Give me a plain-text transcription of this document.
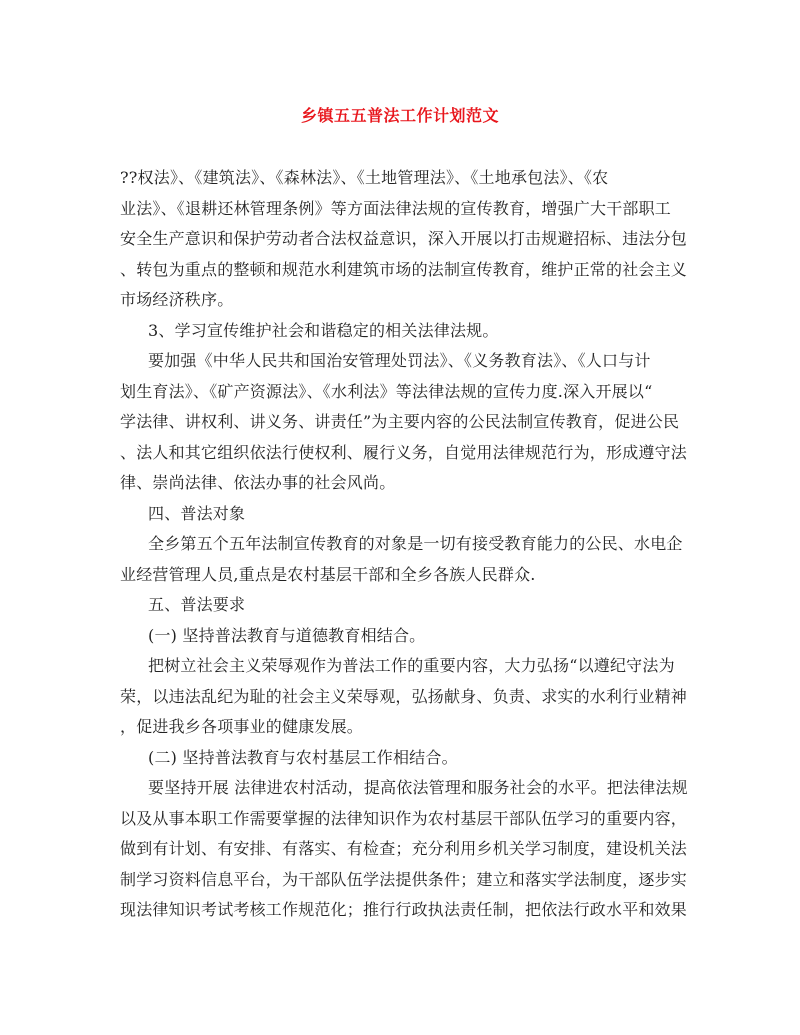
乡镇五五普法工作计划范文
??权法》、《建筑法》、《森林法》、《土地管理法》、《土地承包法》、《农
业法》、《退耕还林管理条例》等方面法律法规的宣传教育，增强广大干部职工
安全生产意识和保护劳动者合法权益意识，深入开展以打击规避招标、违法分包
、转包为重点的整顿和规范水利建筑市场的法制宣传教育，维护正常的社会主义
市场经济秩序。
3、学习宣传维护社会和谐稳定的相关法律法规。
要加强《中华人民共和国治安管理处罚法》、《义务教育法》、《人口与计
划生育法》、《矿产资源法》、《水利法》等法律法规的宣传力度.深入开展以“
学法律、讲权利、讲义务、讲责任”为主要内容的公民法制宣传教育，促进公民
、法人和其它组织依法行使权利、履行义务，自觉用法律规范行为，形成遵守法
律、崇尚法律、依法办事的社会风尚。
四、普法对象
全乡第五个五年法制宣传教育的对象是一切有接受教育能力的公民、水电企
业经营管理人员,重点是农村基层干部和全乡各族人民群众.
五、普法要求
(一) 坚持普法教育与道德教育相结合。
把树立社会主义荣辱观作为普法工作的重要内容，大力弘扬“以遵纪守法为
荣，以违法乱纪为耻的社会主义荣辱观，弘扬献身、负责、求实的水利行业精神
，促进我乡各项事业的健康发展。
(二) 坚持普法教育与农村基层工作相结合。
要坚持开展 法律进农村活动，提高依法管理和服务社会的水平。把法律法规
以及从事本职工作需要掌握的法律知识作为农村基层干部队伍学习的重要内容，
做到有计划、有安排、有落实、有检查；充分利用乡机关学习制度，建设机关法
制学习资料信息平台，为干部队伍学法提供条件；建立和落实学法制度，逐步实
现法律知识考试考核工作规范化；推行行政执法责任制，把依法行政水平和效果
